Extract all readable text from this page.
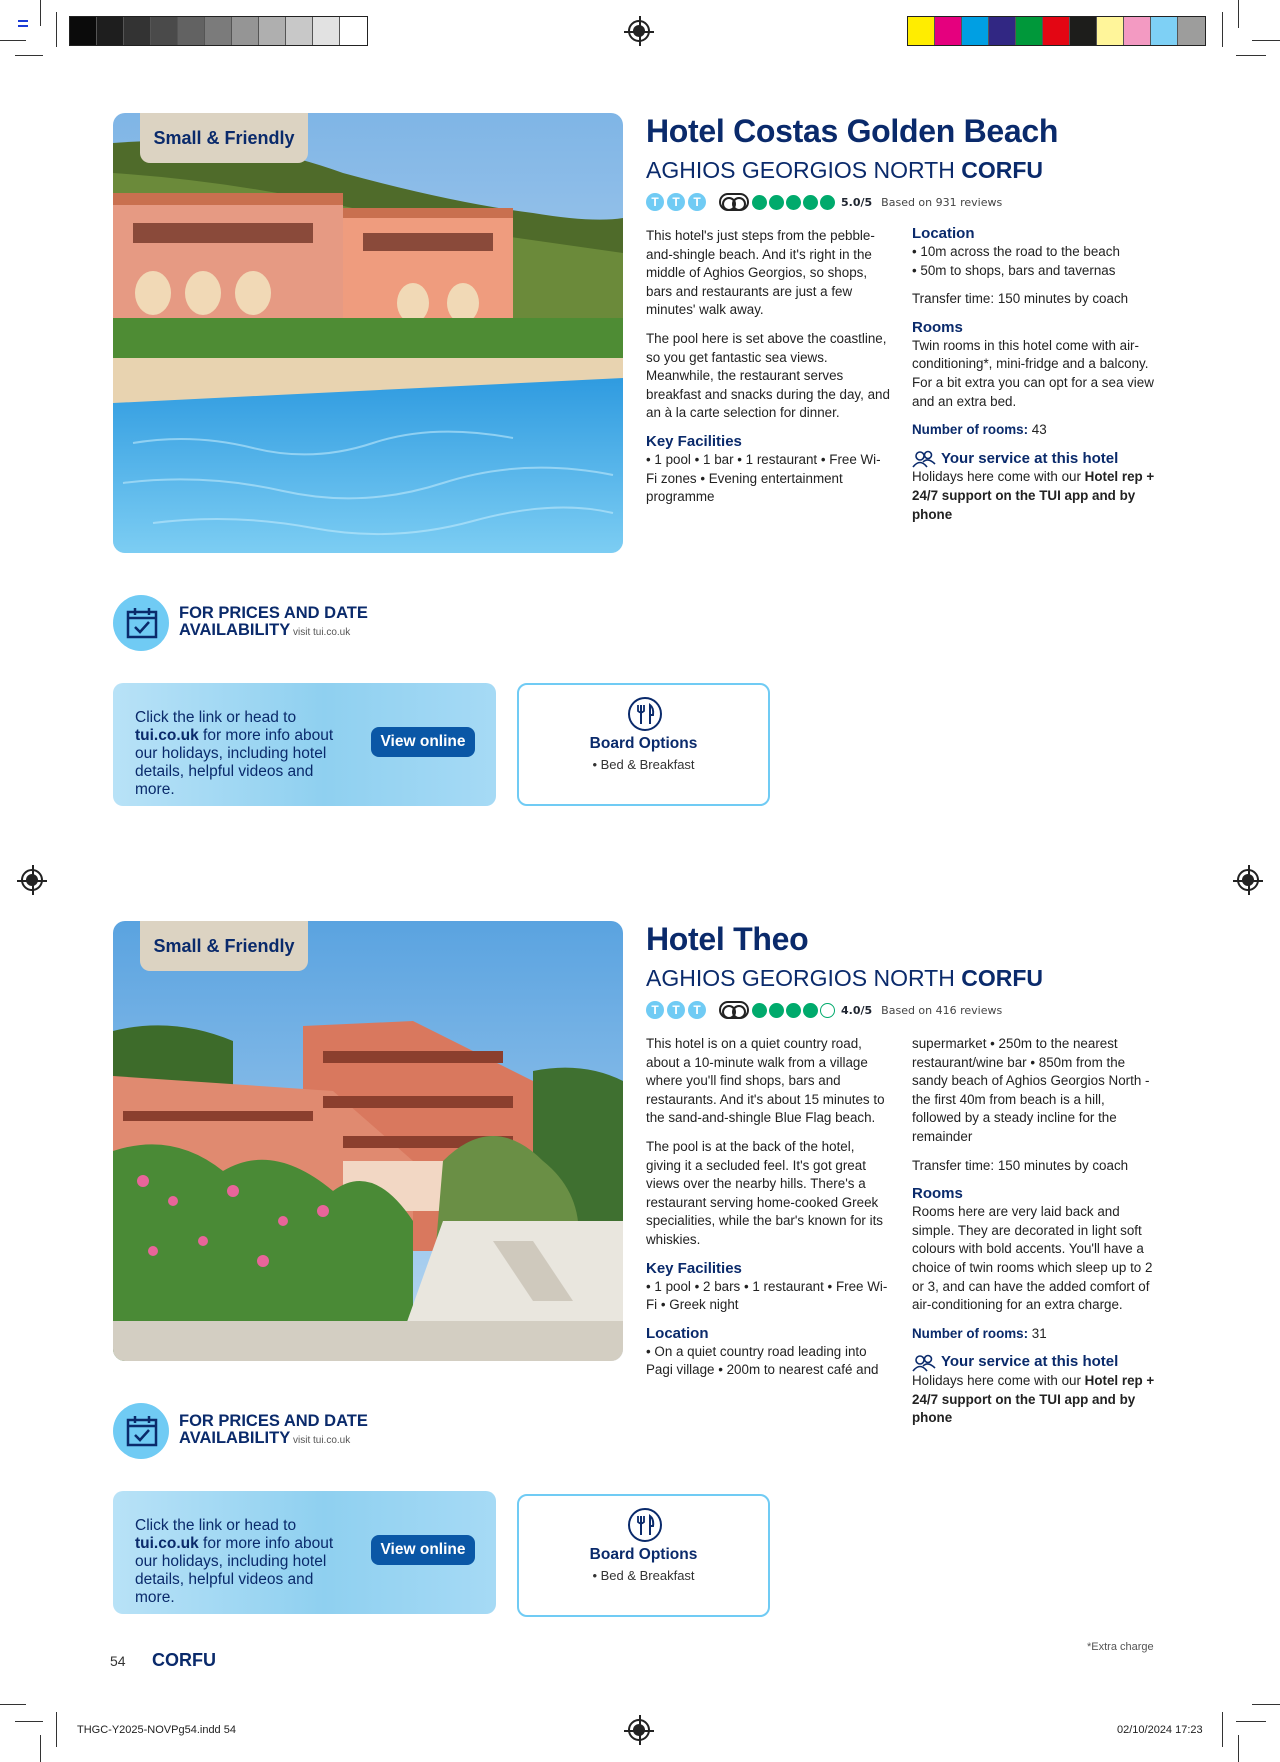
Small & Friendly	Hotel Costas Golden Beach
AGHIOS GEORGIOS NORTH CORFU
T	T	T	5.0/5 Based on 931 reviews

This hotel's just steps from the pebble-and-shingle beach. And it's right in the middle of Aghios Georgios, so shops, bars and restaurants are just a few minutes' walk away.

The pool here is set above the coastline, so you get fantastic sea views. Meanwhile, the restaurant serves breakfast and snacks during the day, and an à la carte selection for dinner.

Key Facilities
• 1 pool • 1 bar • 1 restaurant • Free Wi-Fi zones • Evening entertainment programme
Location
• 10m across the road to the beach
• 50m to shops, bars and tavernas
Transfer time: 150 minutes by coach
Rooms
Twin rooms in this hotel come with air-conditioning*, mini-fridge and a balcony. For a bit extra you can opt for a sea view and an extra bed.
Number of rooms: 43
Your service at this hotel
Holidays here come with our Hotel rep + 24/7 support on the TUI app and by phone
FOR PRICES AND DATE
AVAILABILITY visit tui.co.uk
Click the link or head to tui.co.uk for more info about our holidays, including hotel details, helpful videos and more.
View online	Board Options
• Bed & Breakfast
Small & Friendly	Hotel Theo
AGHIOS GEORGIOS NORTH CORFU
T	T	T	4.0/5 Based on 416 reviews

This hotel is on a quiet country road, about a 10-minute walk from a village where you'll find shops, bars and restaurants. And it's about 15 minutes to the sand-and-shingle Blue Flag beach.

The pool is at the back of the hotel, giving it a secluded feel. It's got great views over the nearby hills. There's a restaurant serving home-cooked Greek specialities, while the bar's known for its whiskies.

Key Facilities
• 1 pool • 2 bars • 1 restaurant • Free Wi-Fi • Greek night
Location
• On a quiet country road leading into Pagi village • 200m to nearest café and
supermarket • 250m to the nearest restaurant/wine bar • 850m from the sandy beach of Aghios Georgios North - the first 40m from beach is a hill, followed by a steady incline for the remainder
Transfer time: 150 minutes by coach
Rooms
Rooms here are very laid back and simple. They are decorated in light soft colours with bold accents. You'll have a choice of twin rooms which sleep up to 2 or 3, and can have the added comfort of air-conditioning for an extra charge.
Number of rooms: 31
Your service at this hotel
Holidays here come with our Hotel rep + 24/7 support on the TUI app and by phone
FOR PRICES AND DATE
AVAILABILITY visit tui.co.uk
Click the link or head to tui.co.uk for more info about our holidays, including hotel details, helpful videos and more.
View online	Board Options
• Bed & Breakfast
*Extra charge
54 CORFU
THGC-Y2025-NOVPg54.indd 54	02/10/2024 17:23
